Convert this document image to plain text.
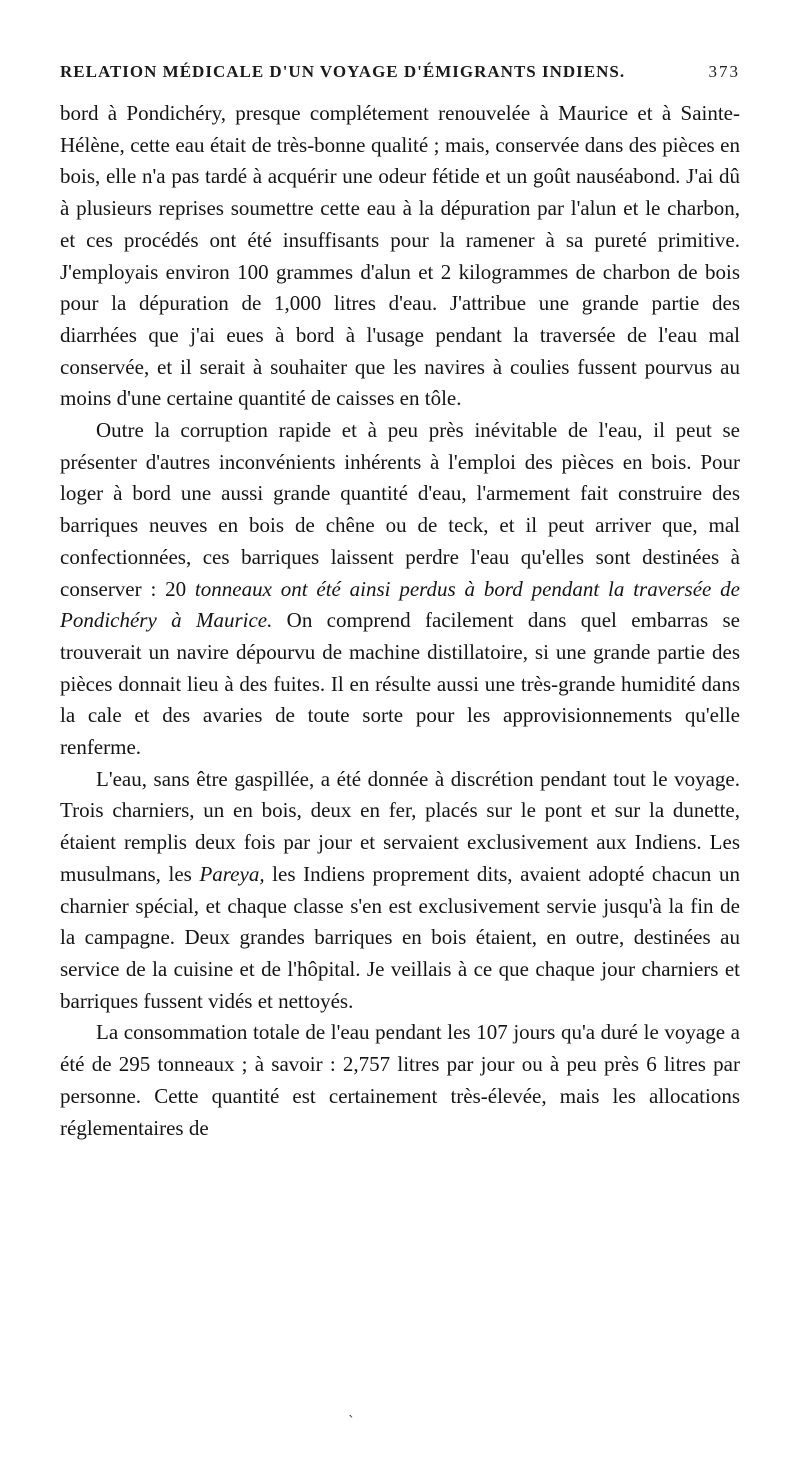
RELATION MÉDICALE D'UN VOYAGE D'ÉMIGRANTS INDIENS.	373

bord à Pondichéry, presque complétement renouvelée à Maurice et à Sainte-Hélène, cette eau était de très-bonne qualité ; mais, conservée dans des pièces en bois, elle n'a pas tardé à acquérir une odeur fétide et un goût nauséabond. J'ai dû à plusieurs reprises soumettre cette eau à la dépuration par l'alun et le charbon, et ces procédés ont été insuffisants pour la ramener à sa pureté primitive. J'employais environ 100 grammes d'alun et 2 kilogrammes de charbon de bois pour la dépuration de 1,000 litres d'eau. J'attribue une grande partie des diarrhées que j'ai eues à bord à l'usage pendant la traversée de l'eau mal conservée, et il serait à souhaiter que les navires à coulies fussent pourvus au moins d'une certaine quantité de caisses en tôle.

Outre la corruption rapide et à peu près inévitable de l'eau, il peut se présenter d'autres inconvénients inhérents à l'emploi des pièces en bois. Pour loger à bord une aussi grande quantité d'eau, l'armement fait construire des barriques neuves en bois de chêne ou de teck, et il peut arriver que, mal confectionnées, ces barriques laissent perdre l'eau qu'elles sont destinées à conserver : 20 tonneaux ont été ainsi perdus à bord pendant la traversée de Pondichéry à Maurice. On comprend facilement dans quel embarras se trouverait un navire dépourvu de machine distillatoire, si une grande partie des pièces donnait lieu à des fuites. Il en résulte aussi une très-grande humidité dans la cale et des avaries de toute sorte pour les approvisionnements qu'elle renferme.

L'eau, sans être gaspillée, a été donnée à discrétion pendant tout le voyage. Trois charniers, un en bois, deux en fer, placés sur le pont et sur la dunette, étaient remplis deux fois par jour et servaient exclusivement aux Indiens. Les musulmans, les Pareya, les Indiens proprement dits, avaient adopté chacun un charnier spécial, et chaque classe s'en est exclusivement servie jusqu'à la fin de la campagne. Deux grandes barriques en bois étaient, en outre, destinées au service de la cuisine et de l'hôpital. Je veillais à ce que chaque jour charniers et barriques fussent vidés et nettoyés.

La consommation totale de l'eau pendant les 107 jours qu'a duré le voyage a été de 295 tonneaux ; à savoir : 2,757 litres par jour ou à peu près 6 litres par personne. Cette quantité est certainement très-élevée, mais les allocations réglementaires de

ˎ
